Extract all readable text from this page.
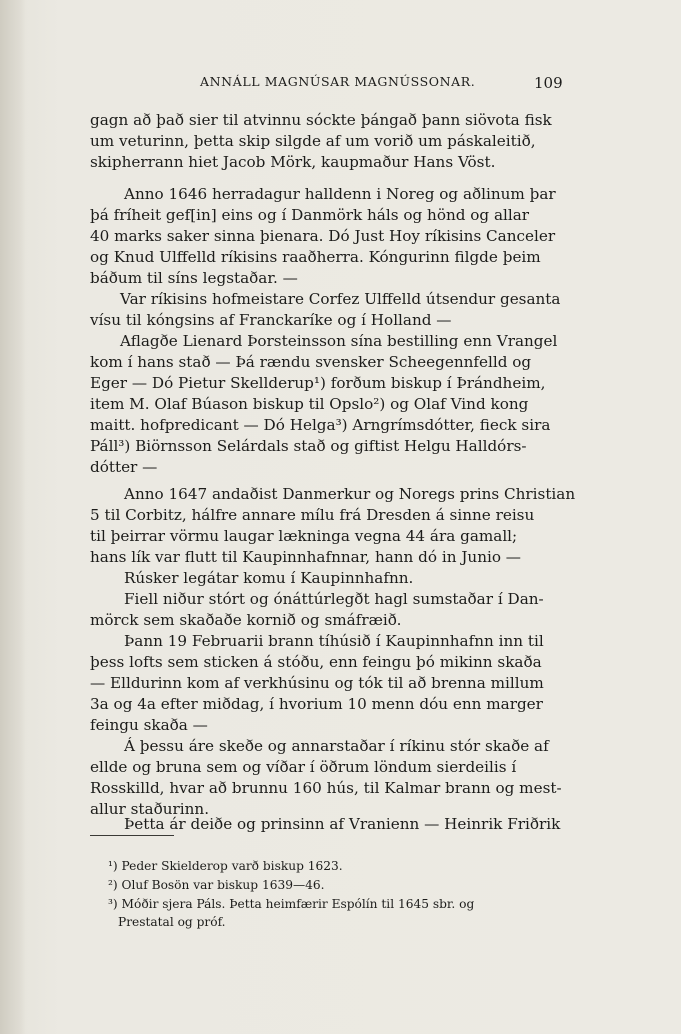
ANNÁLL MAGNÚSAR MAGNÚSSONAR.	109
gagn að það sier til atvinnu sóckte þángað þann siövota fisk
um veturinn, þetta skip silgde af um vorið um páskaleitið,
skipherrann hiet Jacob Mörk, kaupmaður Hans Vöst.
Anno 1646 herradagur halldenn i Noreg og aðlinum þar
þá fríheit gef[in] eins og í Danmörk háls og hönd og allar
40 marks saker sinna þienara. Dó Just Hoy ríkisins Canceler
og Knud Ulffelld ríkisins raaðherra. Kóngurinn filgde þeim
báðum til síns legstaðar. —
Var ríkisins hofmeistare Corfez Ulffelld útsendur gesanta
vísu til kóngsins af Franckaríke og í Holland —
Aflagðe Lienard Þorsteinsson sína bestilling enn Vrangel
kom í hans stað — Þá rændu svensker Scheegennfelld og
Eger — Dó Pietur Skellderup¹) forðum biskup í Þrándheim,
item M. Olaf Búason biskup til Opslo²) og Olaf Vind kong
maitt. hofpredicant — Dó Helga³) Arngrímsdótter, fieck sira
Páll³) Biörnsson Selárdals stað og giftist Helgu Halldórs-
dótter —
Anno 1647 andaðist Danmerkur og Noregs prins Christian
5 til Corbitz, hálfre annare mílu frá Dresden á sinne reisu
til þeirrar vörmu laugar lækninga vegna 44 ára gamall;
hans lík var flutt til Kaupinnhafnnar, hann dó in Junio —
Rúsker legátar komu í Kaupinnhafnn.
Fiell niður stórt og ónáttúrlegðt hagl sumstaðar í Dan-
mörck sem skaðaðe kornið og smáfræið.
Þann 19 Februarii brann tíhúsið í Kaupinnhafnn inn til
þess lofts sem sticken á stóðu, enn feingu þó mikinn skaða
— Elldurinn kom af verkhúsinu og tók til að brenna millum
3a og 4a efter miðdag, í hvorium 10 menn dóu enn marger
feingu skaða —
Á þessu áre skeðe og annarstaðar í ríkinu stór skaðe af
ellde og bruna sem og víðar í öðrum löndum sierdeilis í
Rosskilld, hvar að brunnu 160 hús, til Kalmar brann og mest-
allur staðurinn.
Þetta ár deiðe og prinsinn af Vranienn — Heinrik Friðrik
¹) Peder Skielderop varð biskup 1623.
²) Oluf Bosön var biskup 1639—46.
³) Móðir sjera Páls. Þetta heimfærir Espólín til 1645 sbr. og
Prestatal og próf.
